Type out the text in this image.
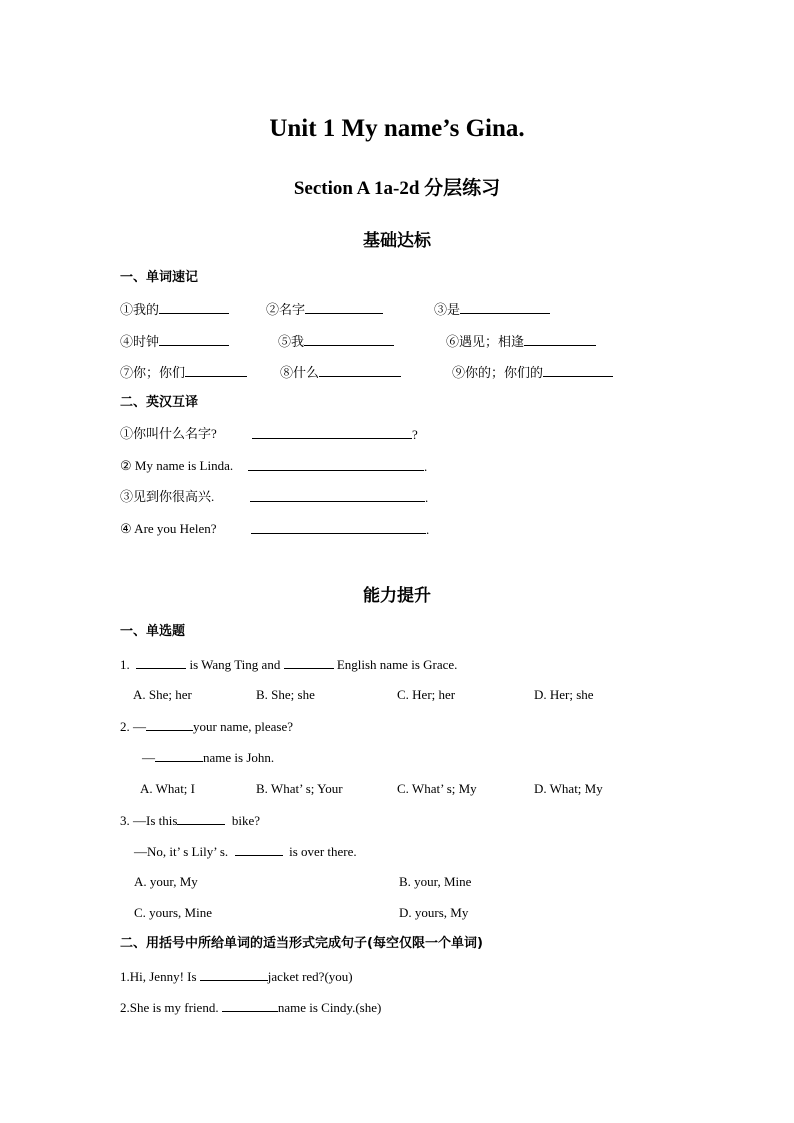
Unit 1 My name’s Gina.
Section A 1a-2d 分层练习
基础达标
一、单词速记
①我的	②名字	③是
④时钟	⑤我	⑥遇见；相逢
⑦你；你们	⑧什么	⑨你的；你们的
二、英汉互译
①你叫什么名字?	?
② My name is Linda.	.
③见到你很高兴.	.
④ Are you Helen?	.
能力提升
一、单选题
1.	is Wang Ting and	English name is Grace.
A. She; her	B. She; she	C. Her; her	D. Her; she
2. —	your name, please?
—	name is John.
A. What; I	B. What’ s; Your	C. What’ s; My	D. What; My
3. —Is this	bike?
—No, it’ s Lily’ s.	is over there.
A. your, My	B. your, Mine
C. yours, Mine	D. yours, My
二、用括号中所给单词的适当形式完成句子(每空仅限一个单词)
1.Hi, Jenny! Is	jacket red?(you)
2.She is my friend.	name is Cindy.(she)
